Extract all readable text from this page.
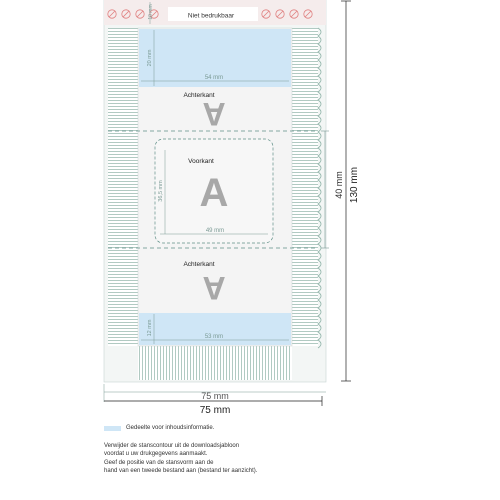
Niet bedrukbaar
10 mm
20 mm
54 mm
Achterkant
A
Voorkant
A
36,5 mm
49 mm
Achterkant
A
12 mm
53 mm
40 mm 130 mm
75 mm
75 mm
Gedeelte voor inhoudsinformatie.

Verwijder de stanscontour uit de downloadsjabloon

voordat u uw drukgegevens aanmaakt.

Geef de positie van de stansvorm aan de

hand van een tweede bestand aan (bestand ter aanzicht).
